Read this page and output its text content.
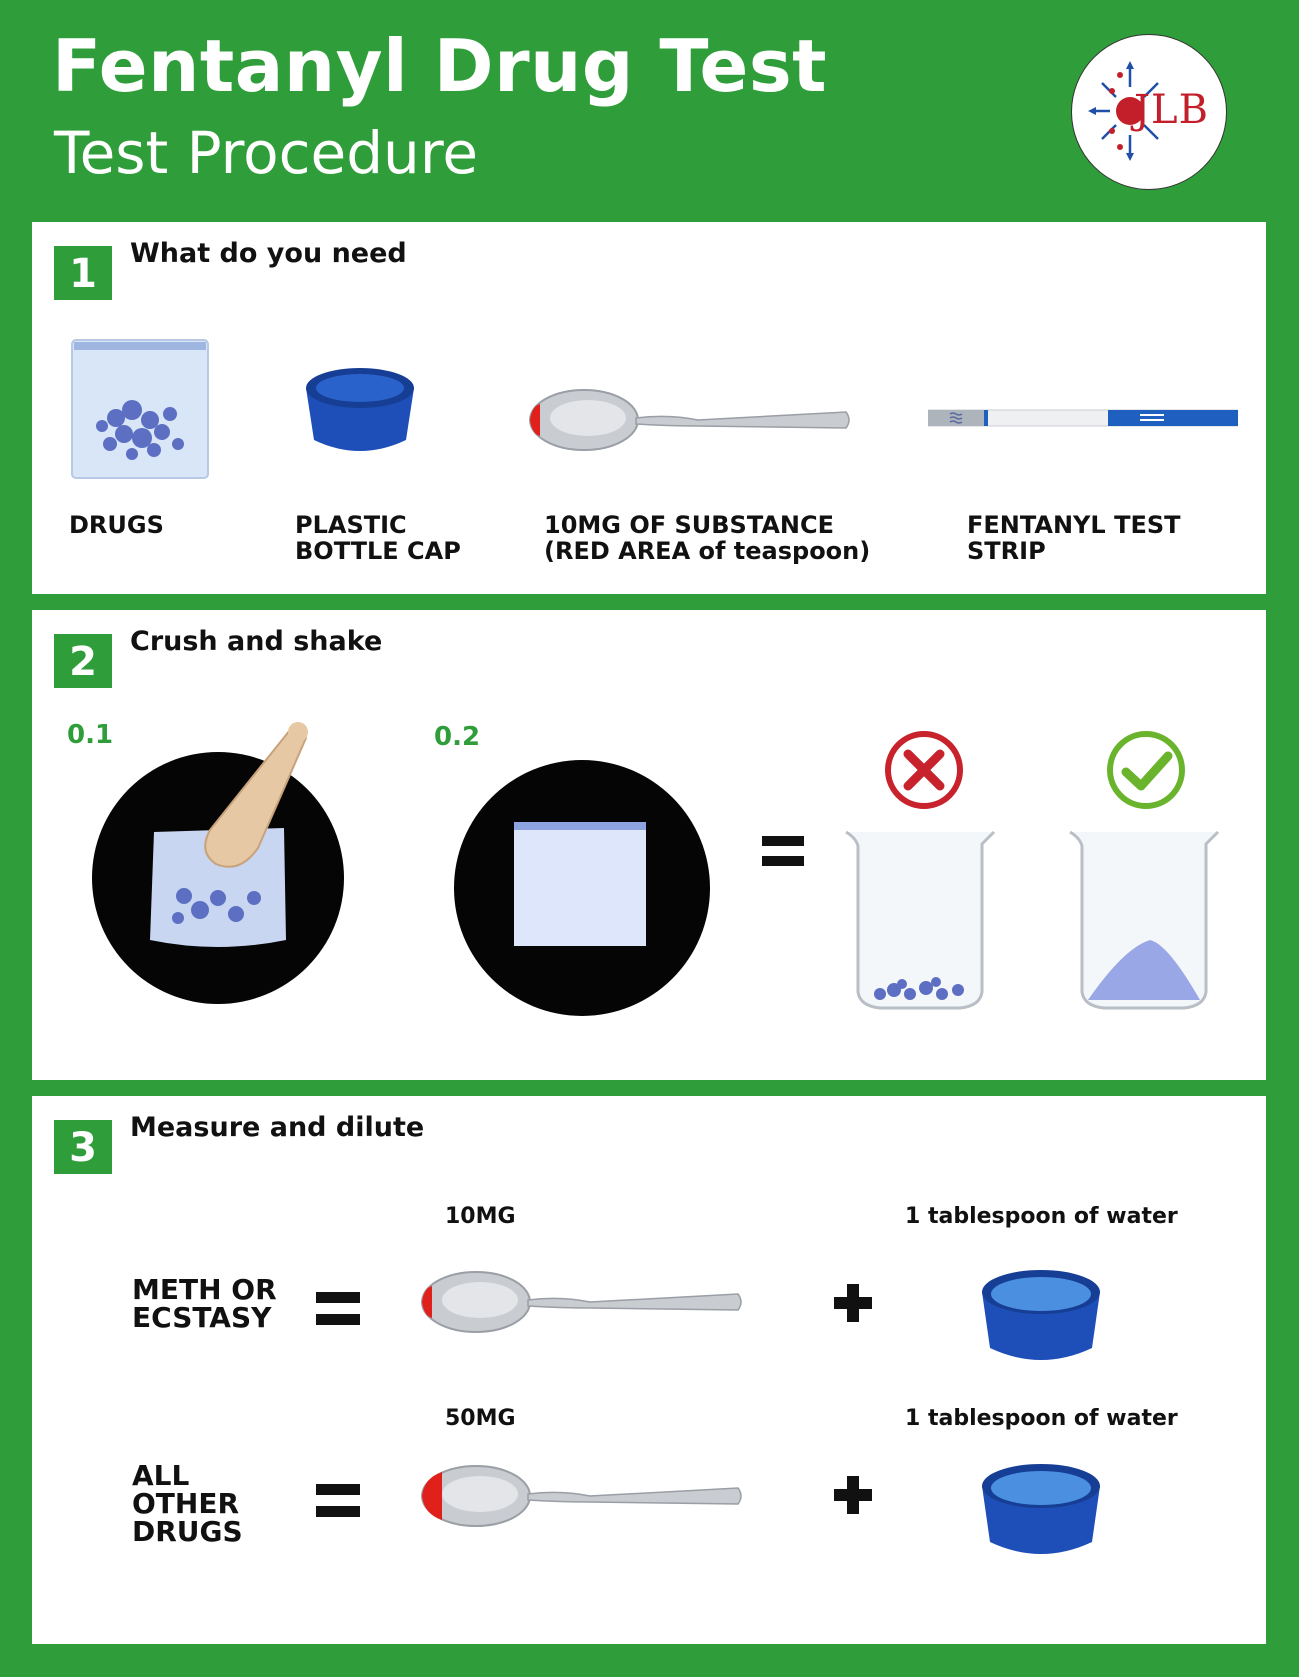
Fentanyl Drug Test
Test Procedure
JLB
1	What do you need
DRUGS	PLASTIC
BOTTLE CAP
10MG OF SUBSTANCE
(RED AREA of teaspoon)
FENTANYL TEST
STRIP
2	Crush and shake
0.1	0.2
3	Measure and dilute
10MG	1 tablespoon of water
METH OR
ECSTASY
50MG	1 tablespoon of water
ALL
OTHER
DRUGS
